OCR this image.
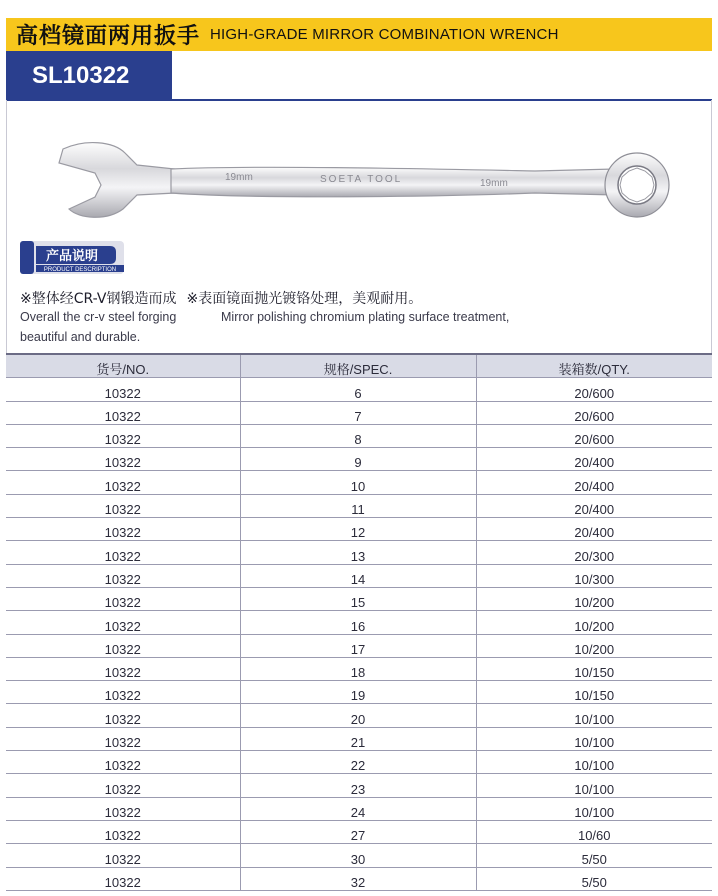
高档镜面两用扳手 HIGH-GRADE MIRROR COMBINATION WRENCH
SL10322
19mm	SOETA TOOL	19mm
产品说明
PRODUCT DESCRIPTION
※整体经CR-V钢锻造而成 ※表面镜面抛光镀铬处理，美观耐用。
Overall the cr-v steel forging	Mirror polishing chromium plating surface treatment,
beautiful and durable.
货号/NO.	规格/SPEC.	装箱数/QTY.
10322	6	20/600
10322	7	20/600
10322	8	20/600
10322	9	20/400
10322	10	20/400
10322	11	20/400
10322	12	20/400
10322	13	20/300
10322	14	10/300
10322	15	10/200
10322	16	10/200
10322	17	10/200
10322	18	10/150
10322	19	10/150
10322	20	10/100
10322	21	10/100
10322	22	10/100
10322	23	10/100
10322	24	10/100
10322	27	10/60
10322	30	5/50
10322	32	5/50
